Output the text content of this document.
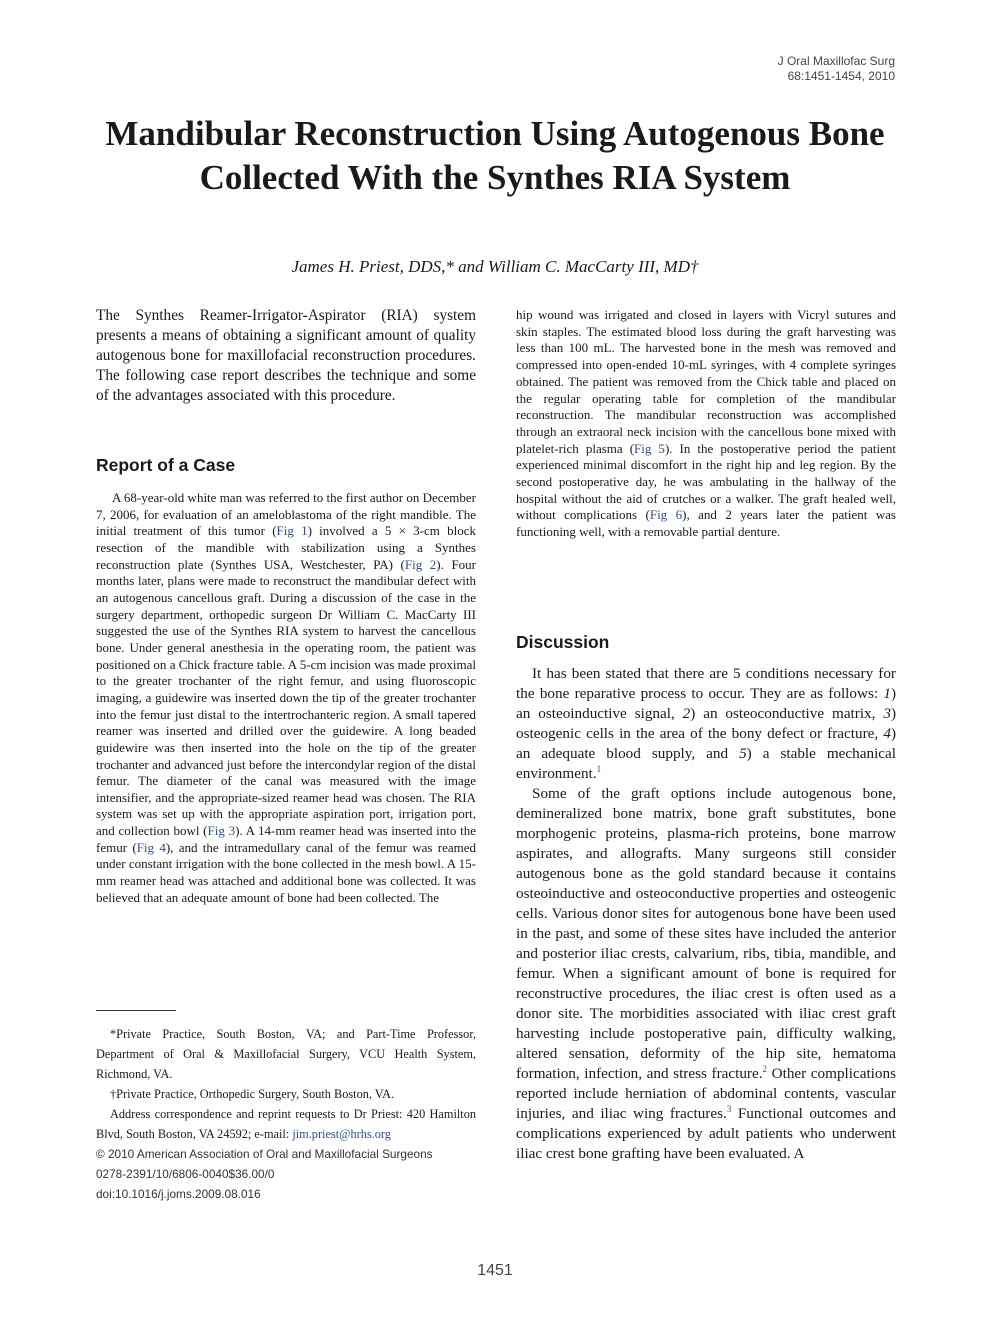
J Oral Maxillofac Surg
68:1451-1454, 2010
Mandibular Reconstruction Using Autogenous Bone Collected With the Synthes RIA System
James H. Priest, DDS,* and William C. MacCarty III, MD†

The Synthes Reamer-Irrigator-Aspirator (RIA) system presents a means of obtaining a significant amount of quality autogenous bone for maxillofacial reconstruction procedures. The following case report describes the technique and some of the advantages associated with this procedure.

Report of a Case

A 68-year-old white man was referred to the first author on December 7, 2006, for evaluation of an ameloblastoma of the right mandible. The initial treatment of this tumor (Fig 1) involved a 5 × 3-cm block resection of the mandible with stabilization using a Synthes reconstruction plate (Synthes USA, Westchester, PA) (Fig 2). Four months later, plans were made to reconstruct the mandibular defect with an autogenous cancellous graft. During a discussion of the case in the surgery department, orthopedic surgeon Dr William C. MacCarty III suggested the use of the Synthes RIA system to harvest the cancellous bone. Under general anesthesia in the operating room, the patient was positioned on a Chick fracture table. A 5-cm incision was made proximal to the greater trochanter of the right femur, and using fluoroscopic imaging, a guidewire was inserted down the tip of the greater trochanter into the femur just distal to the intertrochanteric region. A small tapered reamer was inserted and drilled over the guidewire. A long beaded guidewire was then inserted into the hole on the tip of the greater trochanter and advanced just before the intercondylar region of the distal femur. The diameter of the canal was measured with the image intensifier, and the appropriate-sized reamer head was chosen. The RIA system was set up with the appropriate aspiration port, irrigation port, and collection bowl (Fig 3). A 14-mm reamer head was inserted into the femur (Fig 4), and the intramedullary canal of the femur was reamed under constant irrigation with the bone collected in the mesh bowl. A 15-mm reamer head was attached and additional bone was collected. It was believed that an adequate amount of bone had been collected. The

hip wound was irrigated and closed in layers with Vicryl sutures and skin staples. The estimated blood loss during the graft harvesting was less than 100 mL. The harvested bone in the mesh was removed and compressed into open-ended 10-mL syringes, with 4 complete syringes obtained. The patient was removed from the Chick table and placed on the regular operating table for completion of the mandibular reconstruction. The mandibular reconstruction was accomplished through an extraoral neck incision with the cancellous bone mixed with platelet-rich plasma (Fig 5). In the postoperative period the patient experienced minimal discomfort in the right hip and leg region. By the second postoperative day, he was ambulating in the hallway of the hospital without the aid of crutches or a walker. The graft healed well, without complications (Fig 6), and 2 years later the patient was functioning well, with a removable partial denture.

Discussion

It has been stated that there are 5 conditions necessary for the bone reparative process to occur. They are as follows: 1) an osteoinductive signal, 2) an osteoconductive matrix, 3) osteogenic cells in the area of the bony defect or fracture, 4) an adequate blood supply, and 5) a stable mechanical environment.$^1$

Some of the graft options include autogenous bone, demineralized bone matrix, bone graft substitutes, bone morphogenic proteins, plasma-rich proteins, bone marrow aspirates, and allografts. Many surgeons still consider autogenous bone as the gold standard because it contains osteoinductive and osteoconductive properties and osteogenic cells. Various donor sites for autogenous bone have been used in the past, and some of these sites have included the anterior and posterior iliac crests, calvarium, ribs, tibia, mandible, and femur. When a significant amount of bone is required for reconstructive procedures, the iliac crest is often used as a donor site. The morbidities associated with iliac crest graft harvesting include postoperative pain, difficulty walking, altered sensation, deformity of the hip site, hematoma formation, infection, and stress fracture.$^2$ Other complications reported include herniation of abdominal contents, vascular injuries, and iliac wing fractures.$^3$ Functional outcomes and complications experienced by adult patients who underwent iliac crest bone grafting have been evaluated. A

*Private Practice, South Boston, VA; and Part-Time Professor, Department of Oral & Maxillofacial Surgery, VCU Health System, Richmond, VA.

†Private Practice, Orthopedic Surgery, South Boston, VA.

Address correspondence and reprint requests to Dr Priest: 420 Hamilton Blvd, South Boston, VA 24592; e-mail: jim.priest@hrhs.org

© 2010 American Association of Oral and Maxillofacial Surgeons

0278-2391/10/6806-0040$36.00/0

doi:10.1016/j.joms.2009.08.016

1451
